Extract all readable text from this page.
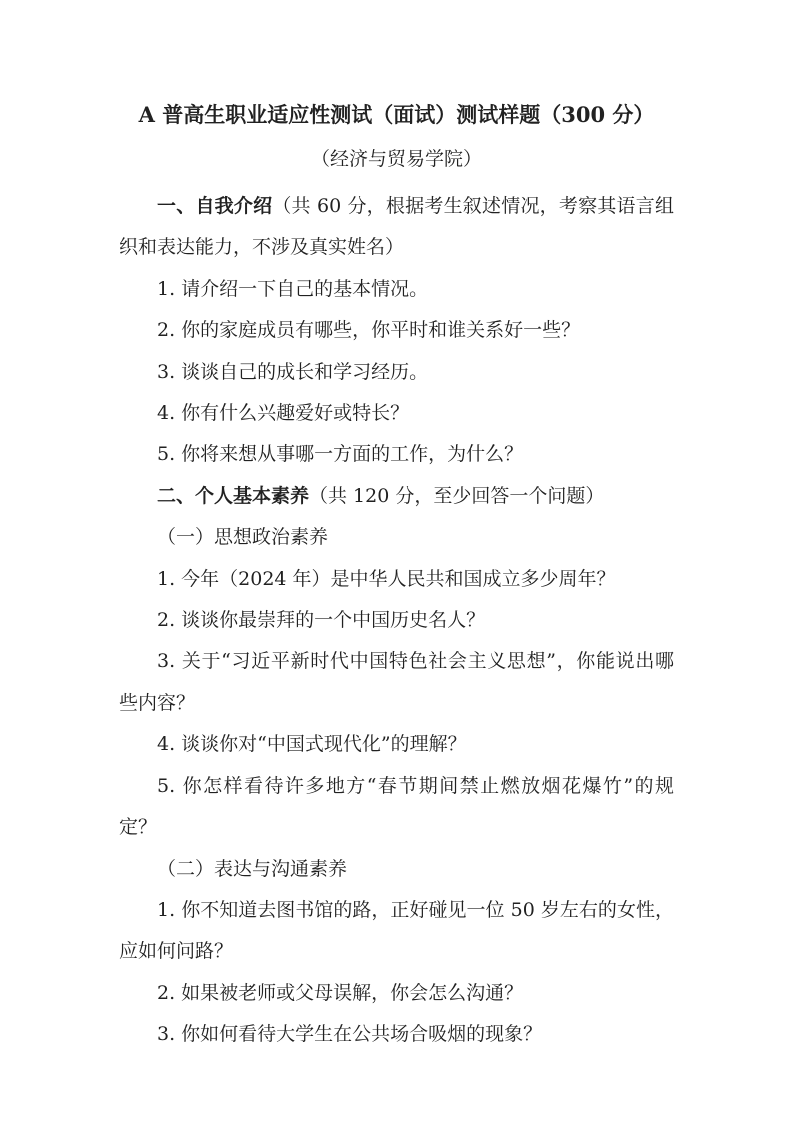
A 普高生职业适应性测试（面试）测试样题（300 分）
（经济与贸易学院）

一、自我介绍（共 60 分，根据考生叙述情况，考察其语言组织和表达能力，不涉及真实姓名）

1. 请介绍一下自己的基本情况。

2. 你的家庭成员有哪些，你平时和谁关系好一些？

3. 谈谈自己的成长和学习经历。

4. 你有什么兴趣爱好或特长？

5. 你将来想从事哪一方面的工作，为什么？

二、个人基本素养（共 120 分，至少回答一个问题）

（一）思想政治素养

1. 今年（2024 年）是中华人民共和国成立多少周年？

2. 谈谈你最崇拜的一个中国历史名人？

3. 关于“习近平新时代中国特色社会主义思想”，你能说出哪些内容？

4. 谈谈你对“中国式现代化”的理解？

5. 你怎样看待许多地方“春节期间禁止燃放烟花爆竹”的规定？

（二）表达与沟通素养

1. 你不知道去图书馆的路，正好碰见一位 50 岁左右的女性，应如何问路？

2. 如果被老师或父母误解，你会怎么沟通？

3. 你如何看待大学生在公共场合吸烟的现象？
